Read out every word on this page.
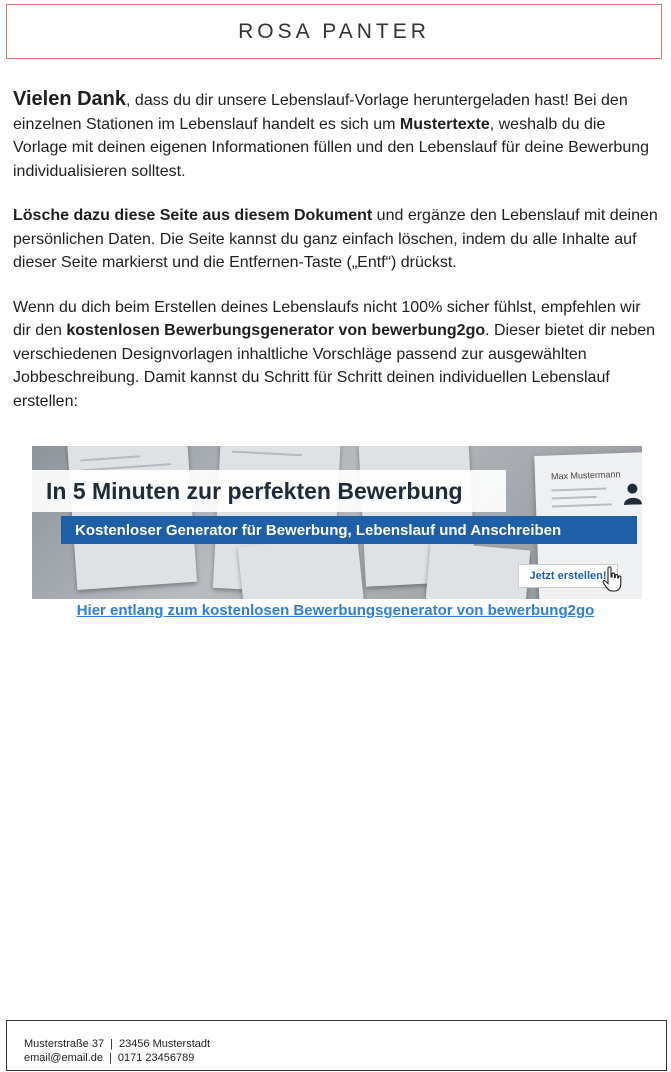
ROSA PANTER

Vielen Dank, dass du dir unsere Lebenslauf-Vorlage heruntergeladen hast! Bei den einzelnen Stationen im Lebenslauf handelt es sich um Mustertexte, weshalb du die Vorlage mit deinen eigenen Informationen füllen und den Lebenslauf für deine Bewerbung individualisieren solltest.

Lösche dazu diese Seite aus diesem Dokument und ergänze den Lebenslauf mit deinen persönlichen Daten. Die Seite kannst du ganz einfach löschen, indem du alle Inhalte auf dieser Seite markierst und die Entfernen-Taste („Entf“) drückst.

Wenn du dich beim Erstellen deines Lebenslaufs nicht 100% sicher fühlst, empfehlen wir dir den kostenlosen Bewerbungsgenerator von bewerbung2go. Dieser bietet dir neben verschiedenen Designvorlagen inhaltliche Vorschläge passend zur ausgewählten Jobbeschreibung. Damit kannst du Schritt für Schritt deinen individuellen Lebenslauf erstellen:

Max Mustermann
In 5 Minuten zur perfekten Bewerbung
Kostenloser Generator für Bewerbung, Lebenslauf und Anschreiben
Jetzt erstellen!
Hier entlang zum kostenlosen Bewerbungsgenerator von bewerbung2go
Musterstraße 37 | 23456 Musterstadt
email@email.de | 0171 23456789
